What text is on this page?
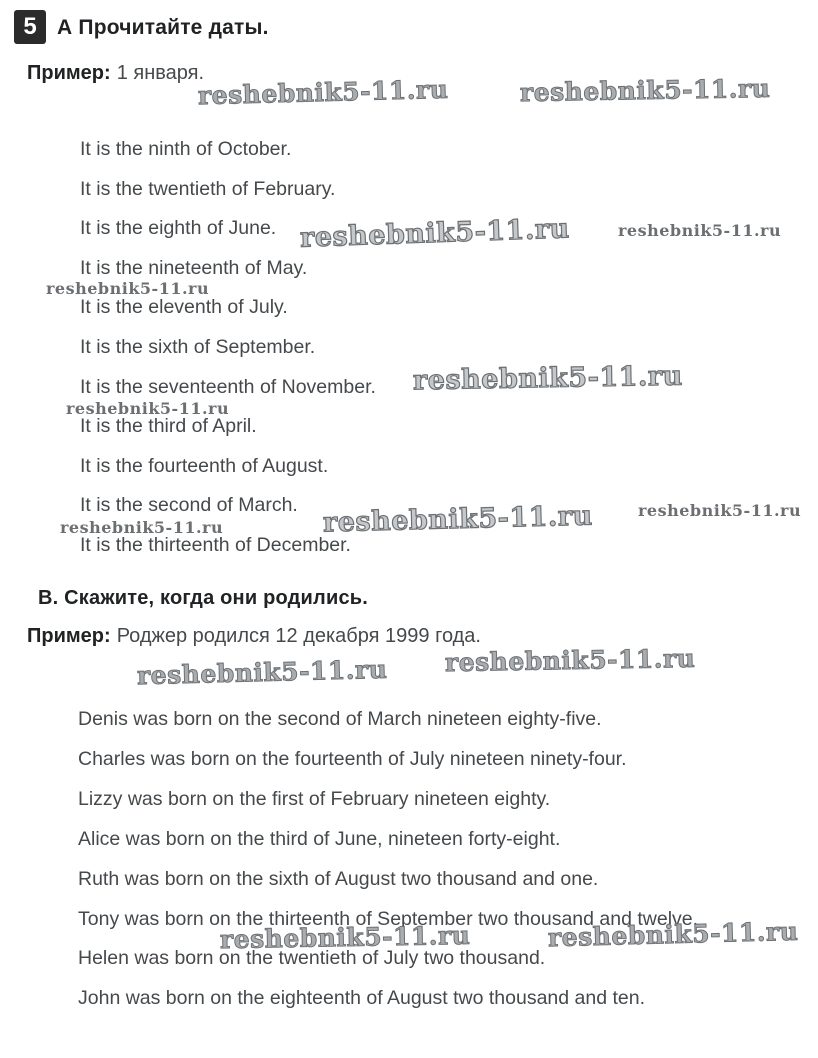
5 А Прочитайте даты.
Пример: 1 января.
It is the ninth of October.
It is the twentieth of February.
It is the eighth of June.
It is the nineteenth of May.
It is the eleventh of July.
It is the sixth of September.
It is the seventeenth of November.
It is the third of April.
It is the fourteenth of August.
It is the second of March.
It is the thirteenth of December.
В. Скажите, когда они родились.
Пример: Роджер родился 12 декабря 1999 года.
Denis was born on the second of March nineteen eighty-five.
Charles was born on the fourteenth of July nineteen ninety-four.
Lizzy was born on the first of February nineteen eighty.
Alice was born on the third of June, nineteen forty-eight.
Ruth was born on the sixth of August two thousand and one.
Tony was born on the thirteenth of September two thousand and twelve.
Helen was born on the twentieth of July two thousand.
John was born on the eighteenth of August two thousand and ten.
reshebnik5-11.ru	reshebnik5-11.ru
reshebnik5-11.ru	reshebnik5-11.ru
reshebnik5-11.ru
reshebnik5-11.ru
reshebnik5-11.ru
reshebnik5-11.ru	reshebnik5-11.ru
reshebnik5-11.ru
reshebnik5-11.ru reshebnik5-11.ru
reshebnik5-11.ru	reshebnik5-11.ru
